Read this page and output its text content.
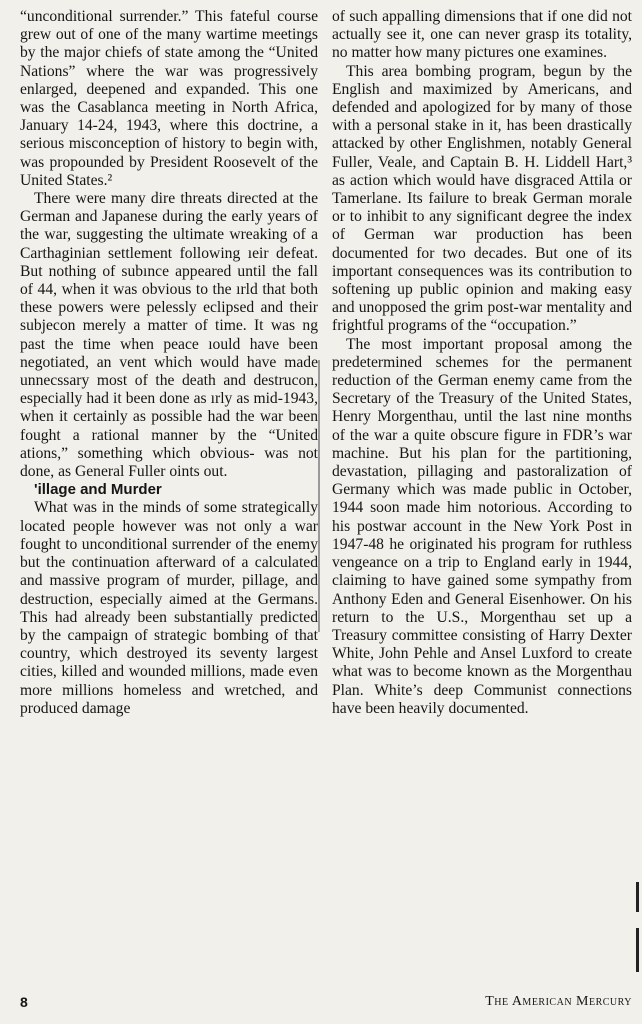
“unconditional surrender.” This fateful course grew out of one of the many wartime meetings by the major chiefs of state among the “United Nations” where the war was progressively enlarged, deepened and expanded. This one was the Casablanca meeting in North Africa, January 14-24, 1943, where this doctrine, a serious misconception of history to begin with, was propounded by President Roosevelt of the United States.²

There were many dire threats directed at the German and Japanese during the early years of the war, suggesting the ultimate wreaking of a Carthaginian settlement following ıeir defeat. But nothing of subınce appeared until the fall of 44, when it was obvious to the ırld that both these powers were pelessly eclipsed and their subjecon merely a matter of time. It was ng past the time when peace ıould have been negotiated, an vent which would have made unnecssary most of the death and destrucon, especially had it been done as ırly as mid-1943, when it certainly as possible had the war been fought a rational manner by the “United ations,” something which obvious- was not done, as General Fuller oints out.

'illage and Murder

What was in the minds of some strategically located people however was not only a war fought to unconditional surrender of the enemy but the continuation afterward of a calculated and massive program of murder, pillage, and destruction, especially aimed at the Germans. This had already been substantially predicted by the campaign of strategic bombing of that country, which destroyed its seventy largest cities, killed and wounded millions, made even more millions homeless and wretched, and produced damage

of such appalling dimensions that if one did not actually see it, one can never grasp its totality, no matter how many pictures one examines.

This area bombing program, begun by the English and maximized by Americans, and defended and apologized for by many of those with a personal stake in it, has been drastically attacked by other Englishmen, notably General Fuller, Veale, and Captain B. H. Liddell Hart,³ as action which would have disgraced Attila or Tamerlane. Its failure to break German morale or to inhibit to any significant degree the index of German war production has been documented for two decades. But one of its important consequences was its contribution to softening up public opinion and making easy and unopposed the grim post-war mentality and frightful programs of the “occupation.”

The most important proposal among the predetermined schemes for the permanent reduction of the German enemy came from the Secretary of the Treasury of the United States, Henry Morgenthau, until the last nine months of the war a quite obscure figure in FDR’s war machine. But his plan for the partitioning, devastation, pillaging and pastoralization of Germany which was made public in October, 1944 soon made him notorious. According to his postwar account in the New York Post in 1947-48 he originated his program for ruthless vengeance on a trip to England early in 1944, claiming to have gained some sympathy from Anthony Eden and General Eisenhower. On his return to the U.S., Morgenthau set up a Treasury committee consisting of Harry Dexter White, John Pehle and Ansel Luxford to create what was to become known as the Morgenthau Plan. White’s deep Communist connections have been heavily documented.

8	The American Mercury
